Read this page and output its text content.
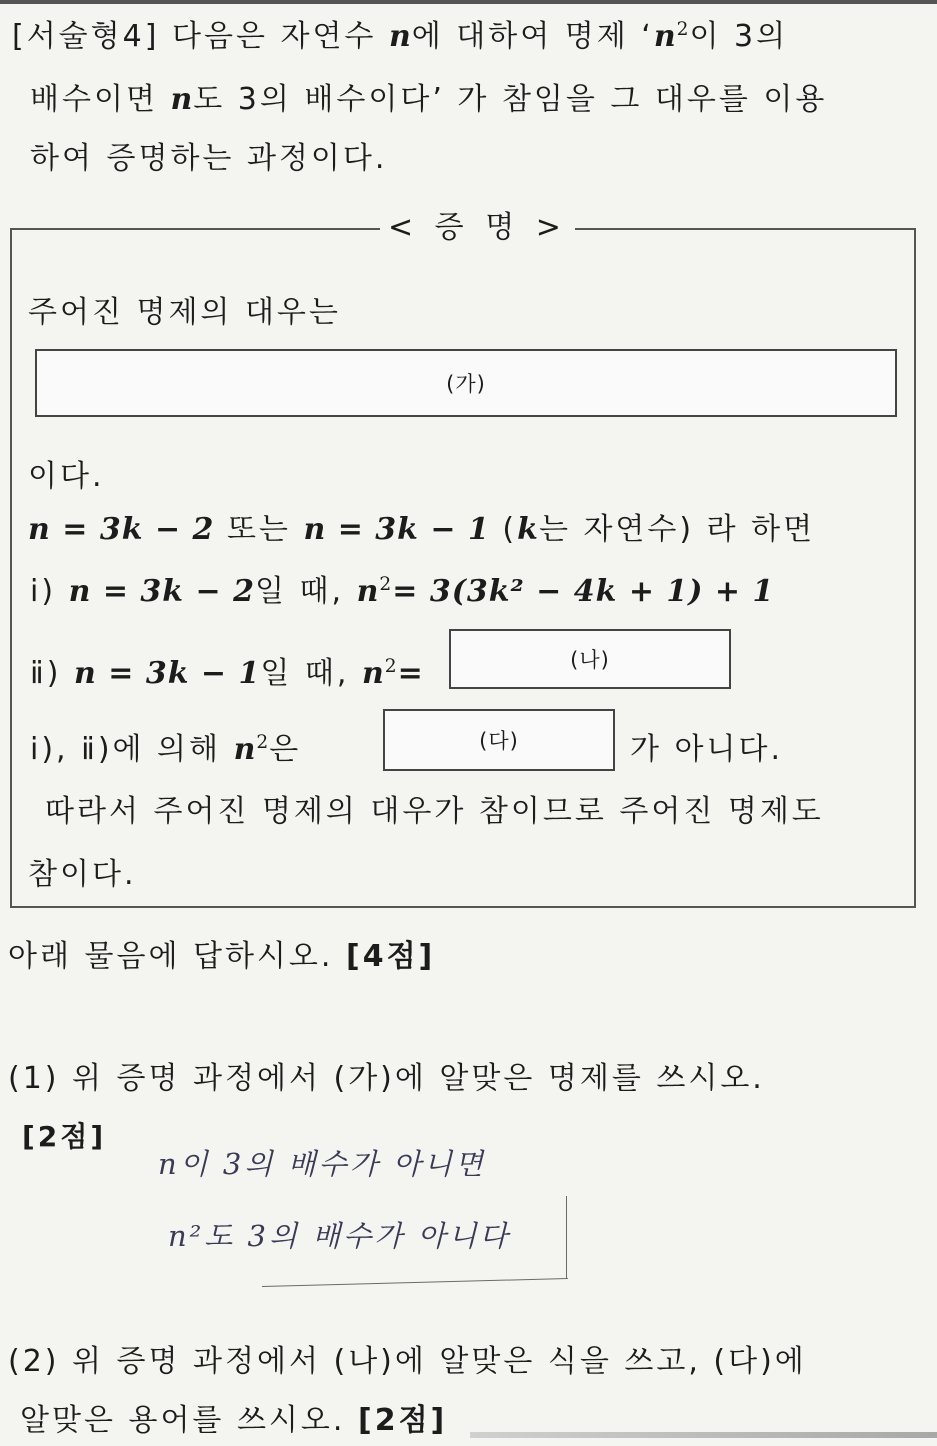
[서술형4] 다음은 자연수 n에 대하여 명제 ‘$n^2$이 3의
배수이면 n도 3의 배수이다’ 가 참임을 그 대우를 이용
하여 증명하는 과정이다.
< 증 명 >
주어진 명제의 대우는
(가)
이다.
n = 3k − 2 또는 n = 3k − 1 (k는 자연수) 라 하면
ⅰ) n = 3k − 2일 때, $n^2= 3(3k^2 - 4k + 1) + 1$
ⅱ) n = 3k − 1일 때, $n^2=$	(나)
ⅰ), ⅱ)에 의해 $n^2$은	(다)	가 아니다.
따라서 주어진 명제의 대우가 참이므로 주어진 명제도
참이다.
아래 물음에 답하시오. [4점]
(1) 위 증명 과정에서 (가)에 알맞은 명제를 쓰시오.
[2점]
n이 3의 배수가 아니면
n²도 3의 배수가 아니다
(2) 위 증명 과정에서 (나)에 알맞은 식을 쓰고, (다)에
알맞은 용어를 쓰시오. [2점]
